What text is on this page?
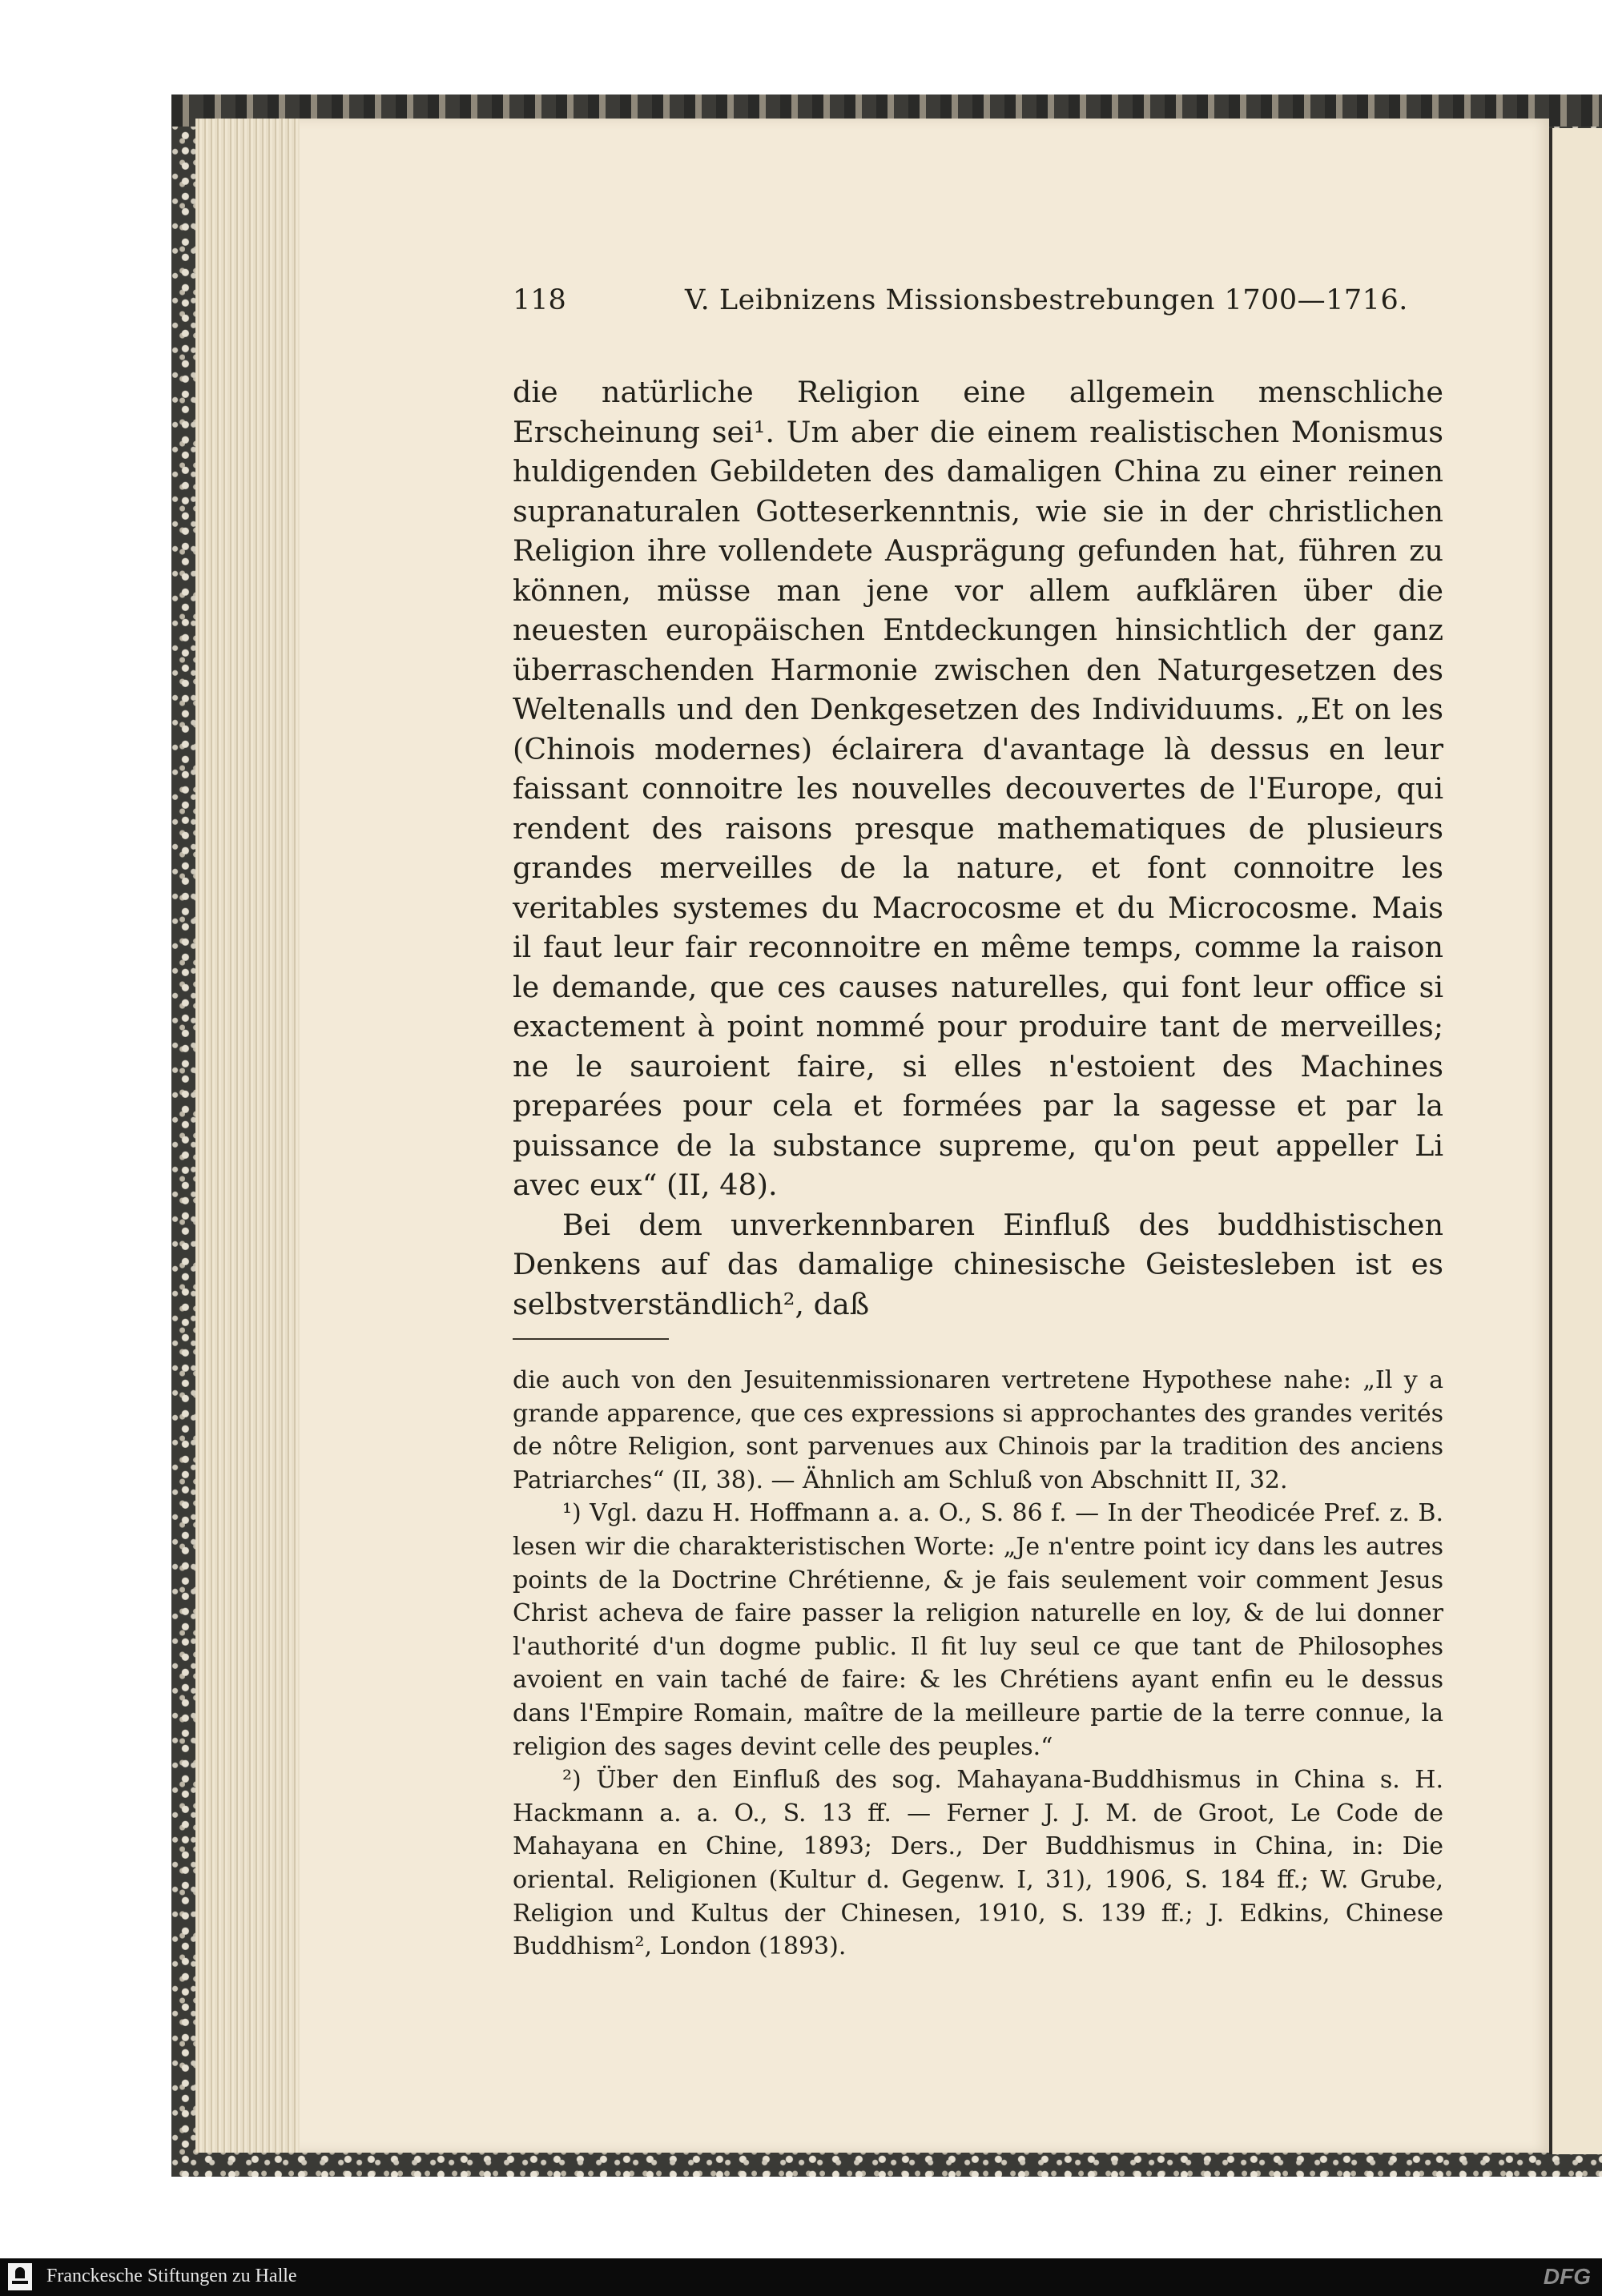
118	V. Leibnizens Missionsbestrebungen 1700—1716.

die natürliche Religion eine allgemein menschliche Erscheinung sei¹. Um aber die einem realistischen Monismus huldigenden Gebildeten des damaligen China zu einer reinen supranaturalen Gotteserkenntnis, wie sie in der christlichen Religion ihre vollendete Ausprägung gefunden hat, führen zu können, müsse man jene vor allem aufklären über die neuesten europäischen Entdeckungen hinsichtlich der ganz überraschenden Harmonie zwischen den Naturgesetzen des Weltenalls und den Denkgesetzen des Individuums. „Et on les (Chinois modernes) éclairera d'avantage là dessus en leur faissant connoitre les nouvelles decouvertes de l'Europe, qui rendent des raisons presque mathematiques de plusieurs grandes merveilles de la nature, et font connoitre les veritables systemes du Macrocosme et du Microcosme. Mais il faut leur fair reconnoitre en même temps, comme la raison le demande, que ces causes naturelles, qui font leur office si exactement à point nommé pour produire tant de merveilles; ne le sauroient faire, si elles n'estoient des Machines preparées pour cela et formées par la sagesse et par la puissance de la substance supreme, qu'on peut appeller Li avec eux“ (II, 48).

Bei dem unverkennbaren Einfluß des buddhistischen Denkens auf das damalige chinesische Geistesleben ist es selbstverständlich², daß

die auch von den Jesuitenmissionaren vertretene Hypothese nahe: „Il y a grande apparence, que ces expressions si approchantes des grandes verités de nôtre Religion, sont parvenues aux Chinois par la tradition des anciens Patriarches“ (II, 38). — Ähnlich am Schluß von Abschnitt II, 32.

¹) Vgl. dazu H. Hoffmann a. a. O., S. 86 f. — In der Theodicée Pref. z. B. lesen wir die charakteristischen Worte: „Je n'entre point icy dans les autres points de la Doctrine Chrétienne, & je fais seulement voir comment Jesus Christ acheva de faire passer la religion naturelle en loy, & de lui donner l'authorité d'un dogme public. Il fit luy seul ce que tant de Philosophes avoient en vain taché de faire: & les Chrétiens ayant enfin eu le dessus dans l'Empire Romain, maître de la meilleure partie de la terre connue, la religion des sages devint celle des peuples.“

²) Über den Einfluß des sog. Mahayana-Buddhismus in China s. H. Hackmann a. a. O., S. 13 ff. — Ferner J. J. M. de Groot, Le Code de Mahayana en Chine, 1893; Ders., Der Buddhismus in China, in: Die oriental. Religionen (Kultur d. Gegenw. I, 31), 1906, S. 184 ff.; W. Grube, Religion und Kultus der Chinesen, 1910, S. 139 ff.; J. Edkins, Chinese Buddhism², London (1893).

Franckesche Stiftungen zu Halle	DFG
